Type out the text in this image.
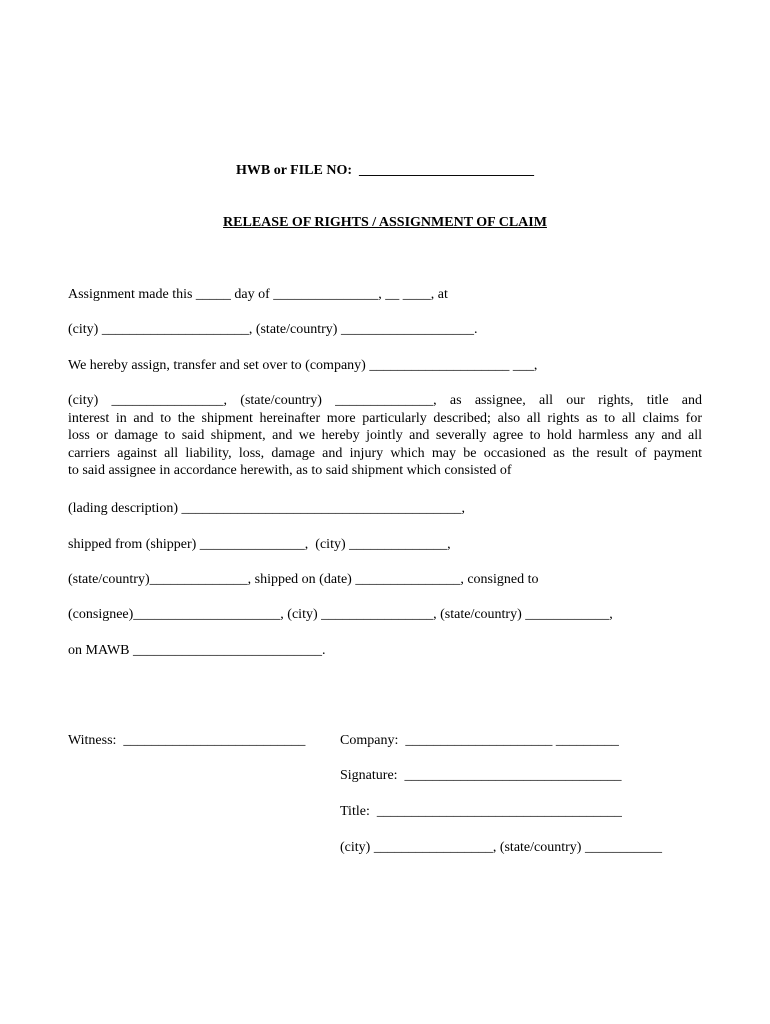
HWB or FILE NO:  _________________________
RELEASE OF RIGHTS / ASSIGNMENT OF CLAIM
Assignment made this _____ day of _______________, __ ____, at
(city) _____________________, (state/country) ___________________.
We hereby assign, transfer and set over to (company) ____________________ ___,
(city) ________________, (state/country) ______________, as assignee, all our rights, title and
interest in and to the shipment hereinafter more particularly described; also all rights as to all claims for
loss or damage to said shipment, and we hereby jointly and severally agree to hold harmless any and all
carriers against all liability, loss, damage and injury which may be occasioned as the result of payment
to said assignee in accordance herewith, as to said shipment which consisted of
(lading description) ________________________________________,
shipped from (shipper) _______________,  (city) ______________,
(state/country)______________, shipped on (date) _______________, consigned to
(consignee)_____________________, (city) ________________, (state/country) ____________,
on MAWB ___________________________.
Witness:  __________________________ Company:  _____________________ _________
Signature:  _______________________________
Title:  ___________________________________
(city) _________________, (state/country) ___________
